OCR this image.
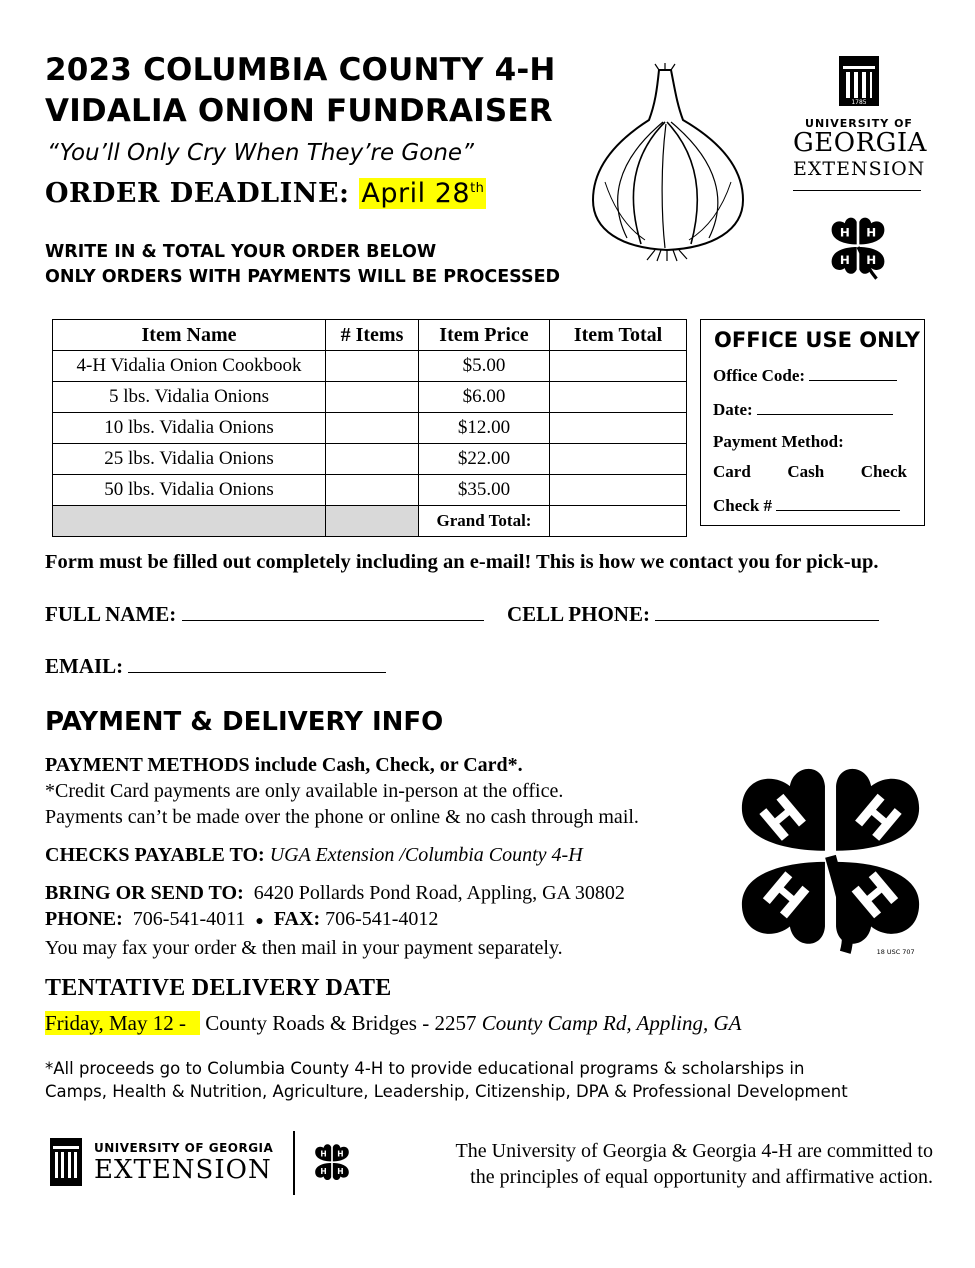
2023 COLUMBIA COUNTY 4-H
VIDALIA ONION FUNDRAISER
“You’ll Only Cry When They’re Gone”
ORDER DEADLINE: April 28th
WRITE IN & TOTAL YOUR ORDER BELOW
ONLY ORDERS WITH PAYMENTS WILL BE PROCESSED
1785
UNIVERSITY OF
GEORGIA
EXTENSION
H H
H H
Item Name	# Items	Item Price	Item Total
4-H Vidalia Onion Cookbook		$5.00	
5 lbs. Vidalia Onions		$6.00	
10 lbs. Vidalia Onions		$12.00	
25 lbs. Vidalia Onions		$22.00	
50 lbs. Vidalia Onions		$35.00	
		Grand Total:	
OFFICE USE ONLY
Office Code:
Date:
Payment Method:
Card Cash Check
Check #
Form must be filled out completely including an e-mail! This is how we contact you for pick-up.
FULL NAME:	CELL PHONE:
EMAIL:
PAYMENT & DELIVERY INFO
PAYMENT METHODS include Cash, Check, or Card*.
*Credit Card payments are only available in-person at the office.
Payments can’t be made over the phone or online & no cash through mail.
CHECKS PAYABLE TO: UGA Extension /Columbia County 4-H
BRING OR SEND TO: 6420 Pollards Pond Road, Appling, GA 30802
PHONE: 706-541-4011 ● FAX: 706-541-4012
You may fax your order & then mail in your payment separately.
H H
H H
18 USC 707
TENTATIVE DELIVERY DATE
Friday, May 12 - County Roads & Bridges - 2257 County Camp Rd, Appling, GA
*All proceeds go to Columbia County 4-H to provide educational programs & scholarships in
Camps, Health & Nutrition, Agriculture, Leadership, Citizenship, DPA & Professional Development
UNIVERSITY OF GEORGIA
EXTENSION
H H
H H
The University of Georgia & Georgia 4-H are committed to
the principles of equal opportunity and affirmative action.
